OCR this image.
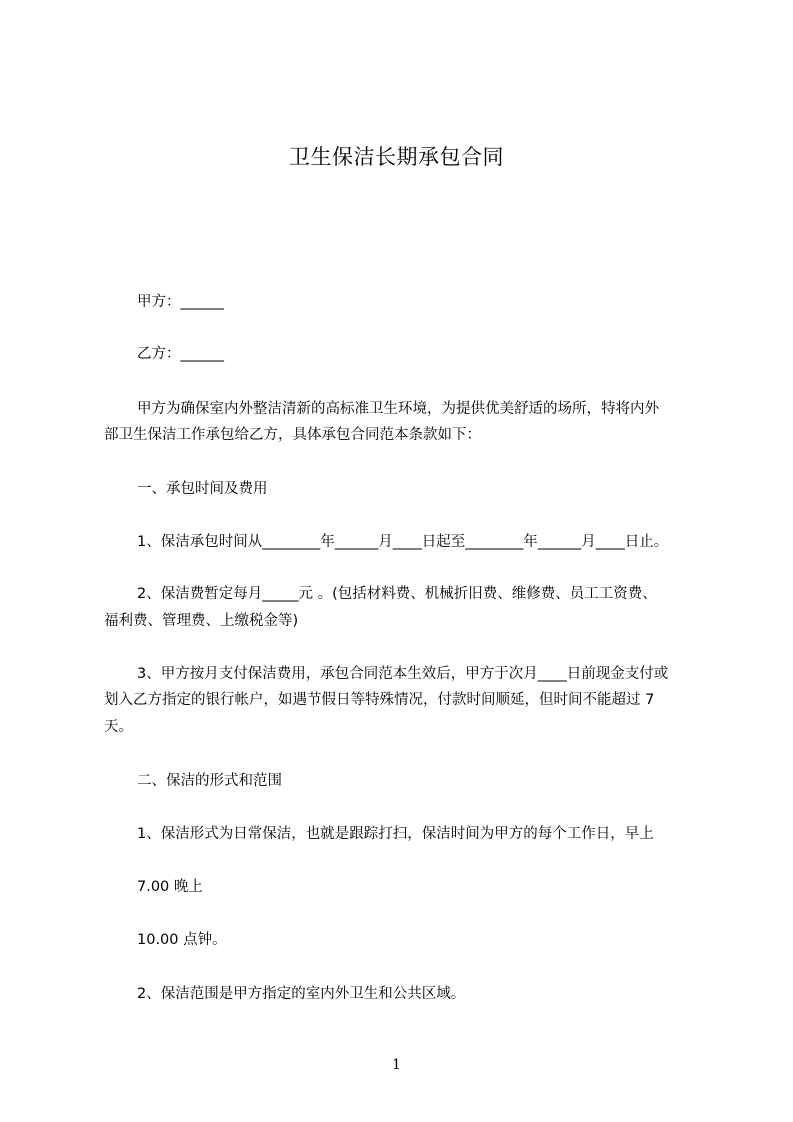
卫生保洁长期承包合同
甲方：______
乙方：______
甲方为确保室内外整洁清新的高标准卫生环境，为提供优美舒适的场所，特将内外
部卫生保洁工作承包给乙方，具体承包合同范本条款如下：
一、承包时间及费用
1、保洁承包时间从________年______月____日起至________年______月____日止。
2、保洁费暂定每月_____元 。(包括材料费、机械折旧费、维修费、员工工资费、
福利费、管理费、上缴税金等)
3、甲方按月支付保洁费用，承包合同范本生效后，甲方于次月____日前现金支付或
划入乙方指定的银行帐户，如遇节假日等特殊情况，付款时间顺延，但时间不能超过 7
天。
二、保洁的形式和范围
1、保洁形式为日常保洁，也就是跟踪打扫，保洁时间为甲方的每个工作日，早上
7.00 晚上
10.00 点钟。
2、保洁范围是甲方指定的室内外卫生和公共区域。
1
